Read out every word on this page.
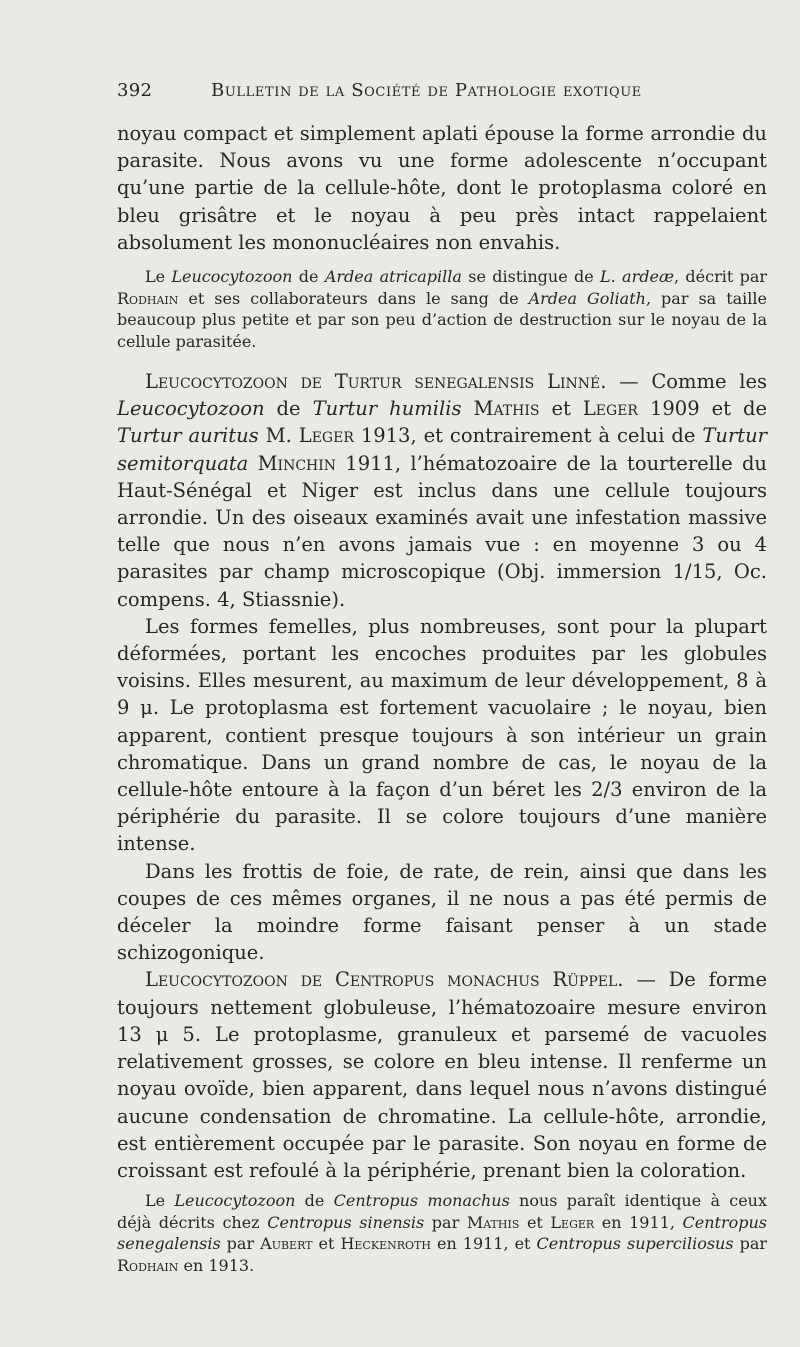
392	Bulletin de la Société de Pathologie exotique

noyau compact et simplement aplati épouse la forme arrondie du parasite. Nous avons vu une forme adolescente n’occupant qu’une partie de la cellule-hôte, dont le protoplasma coloré en bleu grisâtre et le noyau à peu près intact rappelaient absolument les mononucléaires non envahis.

Le Leucocytozoon de Ardea atricapilla se distingue de L. ardeæ, décrit par Rodhain et ses collaborateurs dans le sang de Ardea Goliath, par sa taille beaucoup plus petite et par son peu d’action de destruction sur le noyau de la cellule parasitée.

Leucocytozoon de Turtur senegalensis Linné. — Comme les Leucocytozoon de Turtur humilis Mathis et Leger 1909 et de Turtur auritus M. Leger 1913, et contrairement à celui de Turtur semitorquata Minchin 1911, l’hématozoaire de la tourterelle du Haut-Sénégal et Niger est inclus dans une cellule toujours arrondie. Un des oiseaux examinés avait une infestation massive telle que nous n’en avons jamais vue : en moyenne 3 ou 4 parasites par champ microscopique (Obj. immersion 1/15, Oc. compens. 4, Stiassnie).

Les formes femelles, plus nombreuses, sont pour la plupart déformées, portant les encoches produites par les globules voisins. Elles mesurent, au maximum de leur développement, 8 à 9 μ. Le protoplasma est fortement vacuolaire ; le noyau, bien apparent, contient presque toujours à son intérieur un grain chromatique. Dans un grand nombre de cas, le noyau de la cellule-hôte entoure à la façon d’un béret les 2/3 environ de la périphérie du parasite. Il se colore toujours d’une manière intense.

Dans les frottis de foie, de rate, de rein, ainsi que dans les coupes de ces mêmes organes, il ne nous a pas été permis de déceler la moindre forme faisant penser à un stade schizogonique.

Leucocytozoon de Centropus monachus Rüppel. — De forme toujours nettement globuleuse, l’hématozoaire mesure environ 13 μ 5. Le protoplasme, granuleux et parsemé de vacuoles relativement grosses, se colore en bleu intense. Il renferme un noyau ovoïde, bien apparent, dans lequel nous n’avons distingué aucune condensation de chromatine. La cellule-hôte, arrondie, est entièrement occupée par le parasite. Son noyau en forme de croissant est refoulé à la périphérie, prenant bien la coloration.

Le Leucocytozoon de Centropus monachus nous paraît identique à ceux déjà décrits chez Centropus sinensis par Mathis et Leger en 1911, Centropus senegalensis par Aubert et Heckenroth en 1911, et Centropus superciliosus par Rodhain en 1913.
